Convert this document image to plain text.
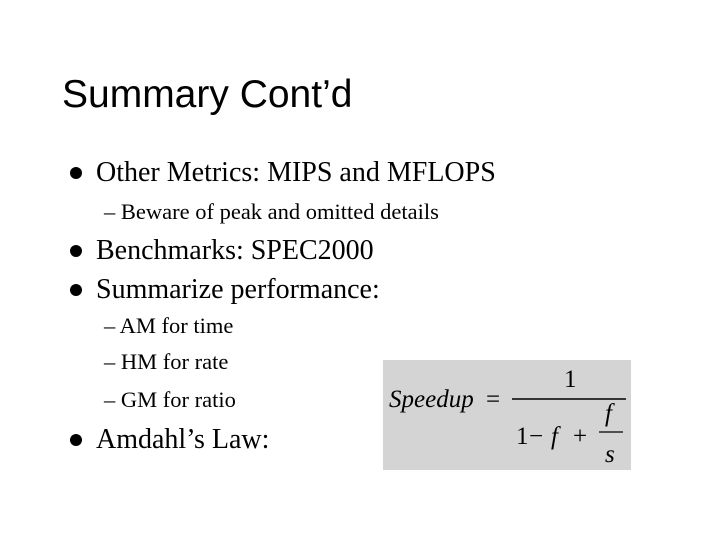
Summary Cont’d
Other Metrics: MIPS and MFLOPS
– Beware of peak and omitted details
Benchmarks: SPEC2000
Summarize performance:
– AM for time
– HM for rate
– GM for ratio
Amdahl’s Law:
Speedup =
1
1 − f +
f
s
